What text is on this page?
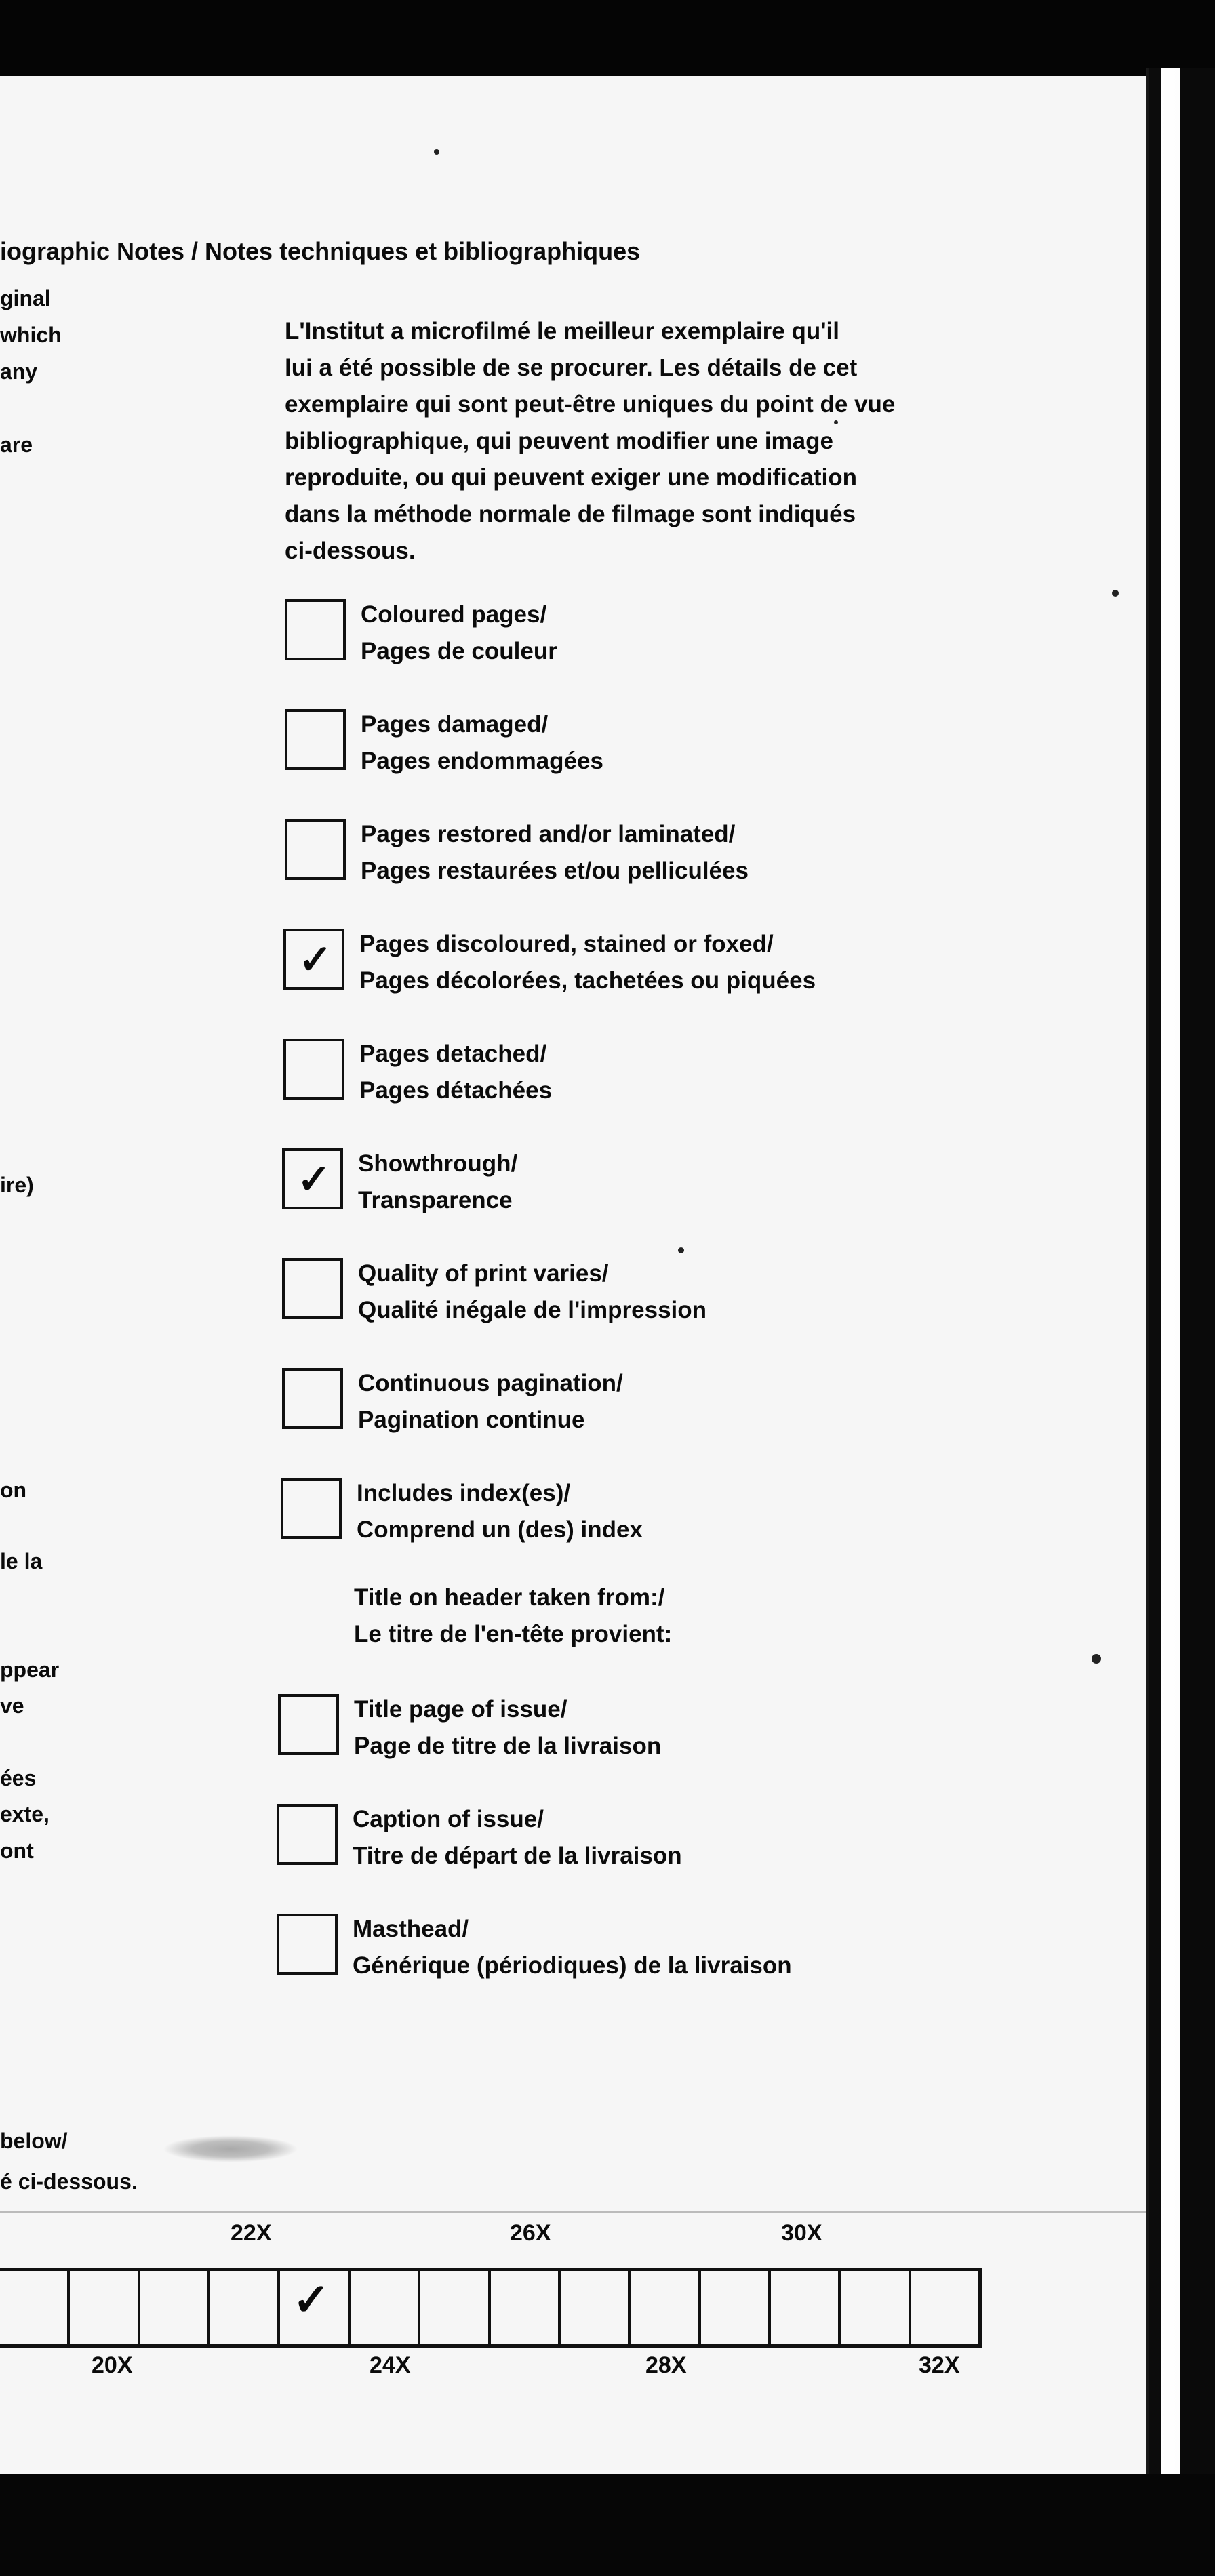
iographic Notes / Notes techniques et bibliographiques
ginal
which
any
are
ire)
on
le la
ppear
ve
ées
exte,
ont
below/
é ci-dessous.
L'Institut a microfilmé le meilleur exemplaire qu'il
lui a été possible de se procurer. Les détails de cet
exemplaire qui sont peut-être uniques du point de vue
bibliographique, qui peuvent modifier une image
reproduite, ou qui peuvent exiger une modification
dans la méthode normale de filmage sont indiqués
ci-dessous.
Coloured pages/
Pages de couleur
Pages damaged/
Pages endommagées
Pages restored and/or laminated/
Pages restaurées et/ou pelliculées
✓ Pages discoloured, stained or foxed/
Pages décolorées, tachetées ou piquées
Pages detached/
Pages détachées
✓ Showthrough/
Transparence
Quality of print varies/
Qualité inégale de l'impression
Continuous pagination/
Pagination continue
Includes index(es)/
Comprend un (des) index
Title on header taken from:/
Le titre de l'en-tête provient:
Title page of issue/
Page de titre de la livraison
Caption of issue/
Titre de départ de la livraison
Masthead/
Générique (périodiques) de la livraison
22X	26X	30X
✓
20X	24X	28X	32X
